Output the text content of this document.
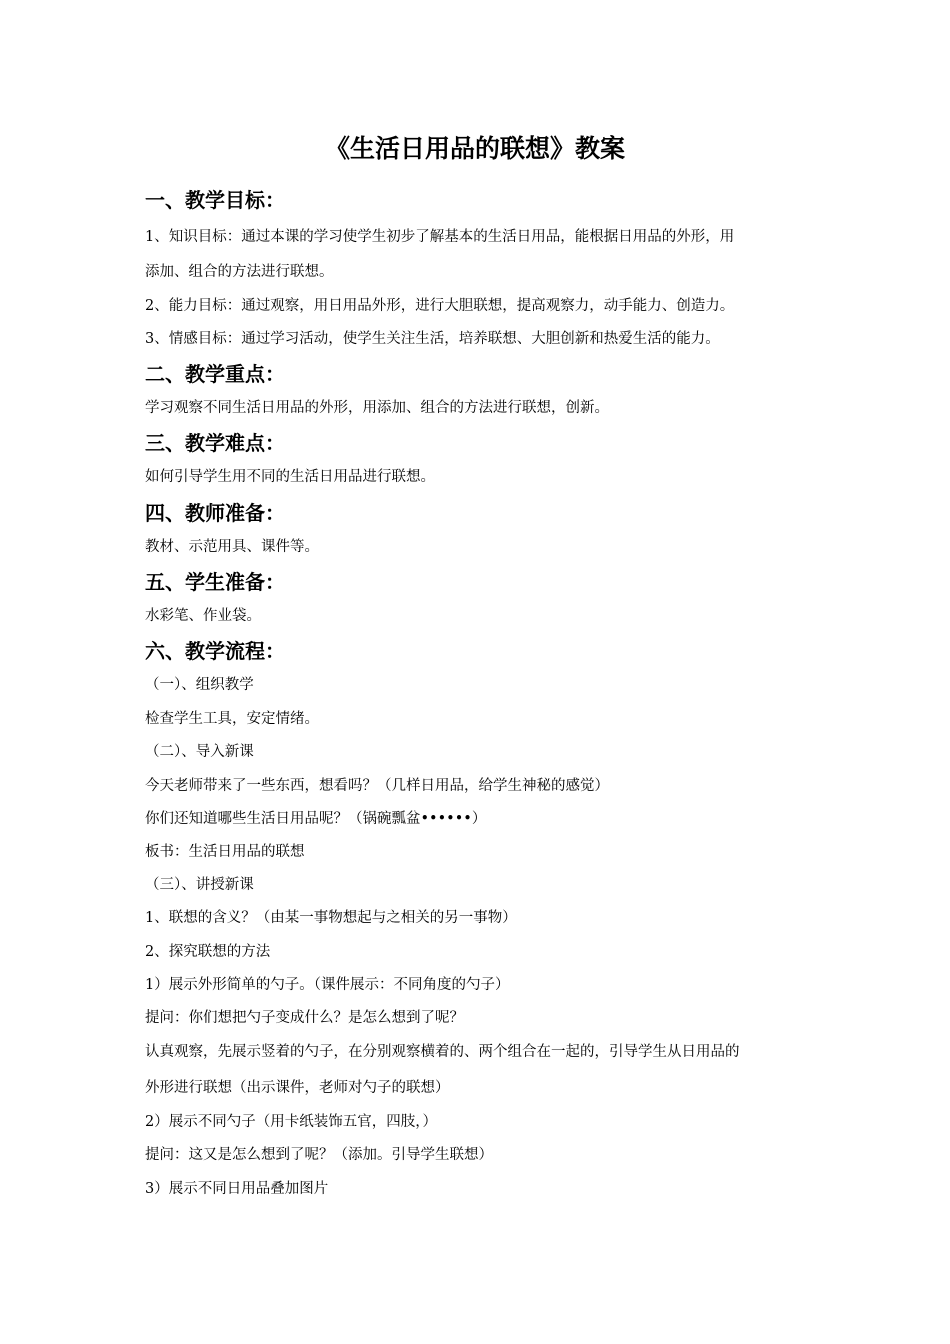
《生活日用品的联想》教案
一、教学目标：
1、知识目标：通过本课的学习使学生初步了解基本的生活日用品，能根据日用品的外形，用
添加、组合的方法进行联想。
2、能力目标：通过观察，用日用品外形，进行大胆联想，提高观察力，动手能力、创造力。
3、情感目标：通过学习活动，使学生关注生活，培养联想、大胆创新和热爱生活的能力。
二、教学重点：
学习观察不同生活日用品的外形，用添加、组合的方法进行联想，创新。
三、教学难点：
如何引导学生用不同的生活日用品进行联想。
四、教师准备：
教材、示范用具、课件等。
五、学生准备：
水彩笔、作业袋。
六、教学流程：
（一）、组织教学
检查学生工具，安定情绪。
（二）、导入新课
今天老师带来了一些东西，想看吗？（几样日用品，给学生神秘的感觉）
你们还知道哪些生活日用品呢？（锅碗瓢盆••••••）
板书：生活日用品的联想
（三）、讲授新课
1、联想的含义？（由某一事物想起与之相关的另一事物）
2、探究联想的方法
1）展示外形简单的勺子。（课件展示：不同角度的勺子）
提问：你们想把勺子变成什么？是怎么想到了呢？
认真观察，先展示竖着的勺子，在分别观察横着的、两个组合在一起的，引导学生从日用品的
外形进行联想（出示课件，老师对勺子的联想）
2）展示不同勺子（用卡纸装饰五官，四肢，）
提问：这又是怎么想到了呢？（添加。引导学生联想）
3）展示不同日用品叠加图片
